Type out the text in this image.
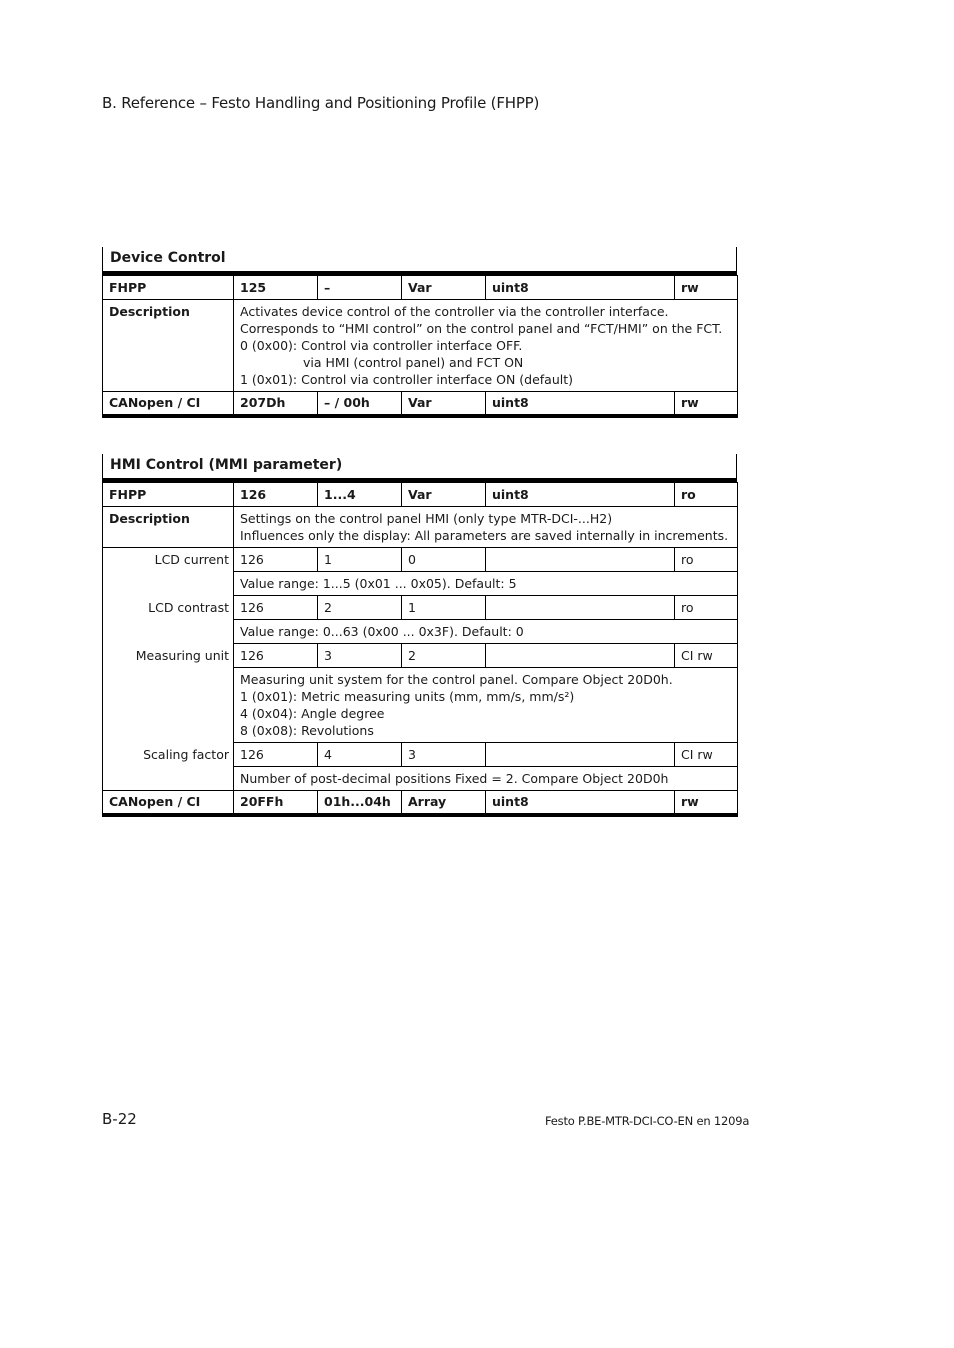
B. Reference – Festo Handling and Positioning Profile (FHPP)
Device Control
FHPP	125	–	Var	uint8	rw
Description	Activates device control of the controller via the controller interface.
Corresponds to “HMI control” on the control panel and “FCT/HMI” on the FCT.
0 (0x00): Control via controller interface OFF.
via HMI (control panel) and FCT ON
1 (0x01): Control via controller interface ON (default)				

CANopen / CI	207Dh	– / 00h	Var	uint8	rw
HMI Control (MMI parameter)
FHPP	126	1...4	Var	uint8	ro
Description	Settings on the control panel HMI (only type MTR-DCI-...H2)
Influences only the display: All parameters are saved internally in increments.				

LCD current	126	1	0		ro
	Value range: 1...5 (0x01 ... 0x05). Default: 5				
LCD contrast	126	2	1		ro
	Value range: 0...63 (0x00 ... 0x3F). Default: 0				
Measuring unit	126	3	2		CI rw

	Measuring unit system for the control panel. Compare Object 20D0h.
1 (0x01): Metric measuring units (mm, mm/s, mm/s²)
4 (0x04): Angle degree
8 (0x08): Revolutions				

Scaling factor	126	4	3		CI rw
	Number of post-decimal positions Fixed = 2. Compare Object 20D0h				
CANopen / CI	20FFh	01h...04h	Array	uint8	rw
B-22	Festo P.BE-MTR-DCI-CO-EN en 1209a
